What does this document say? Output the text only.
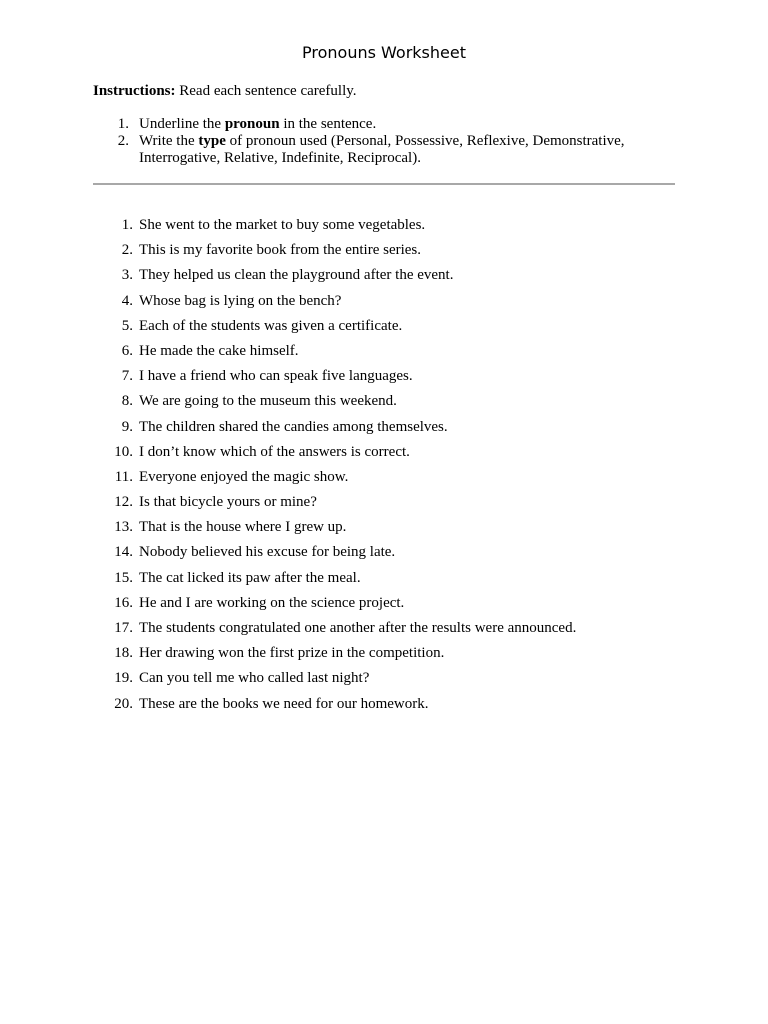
Pronouns Worksheet
Instructions: Read each sentence carefully.
1. Underline the pronoun in the sentence.
2. Write the type of pronoun used (Personal, Possessive, Reflexive, Demonstrative, Interrogative, Relative, Indefinite, Reciprocal).
1. She went to the market to buy some vegetables.
2. This is my favorite book from the entire series.
3. They helped us clean the playground after the event.
4. Whose bag is lying on the bench?
5. Each of the students was given a certificate.
6. He made the cake himself.
7. I have a friend who can speak five languages.
8. We are going to the museum this weekend.
9. The children shared the candies among themselves.
10. I don’t know which of the answers is correct.
11. Everyone enjoyed the magic show.
12. Is that bicycle yours or mine?
13. That is the house where I grew up.
14. Nobody believed his excuse for being late.
15. The cat licked its paw after the meal.
16. He and I are working on the science project.
17. The students congratulated one another after the results were announced.
18. Her drawing won the first prize in the competition.
19. Can you tell me who called last night?
20. These are the books we need for our homework.
